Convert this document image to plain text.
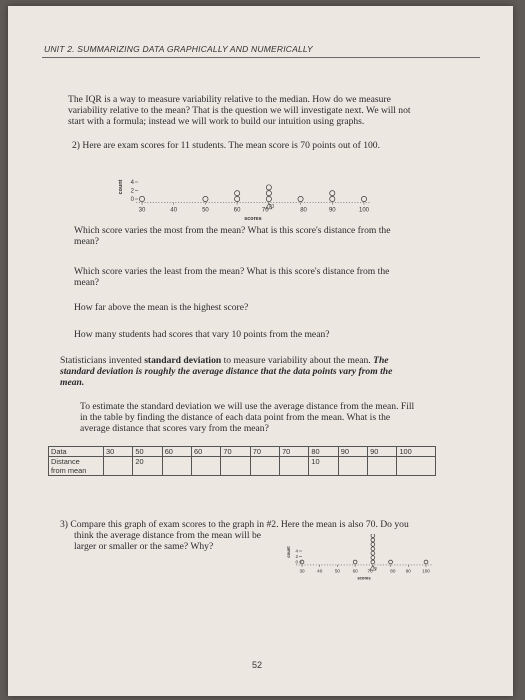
UNIT 2. SUMMARIZING DATA GRAPHICALLY AND NUMERICALLY
The IQR is a way to measure variability relative to the median. How do we measure
variability relative to the mean? That is the question we will investigate next. We will not
start with a formula; instead we will work to build our intuition using graphs.
2) Here are exam scores for 11 students. The mean score is 70 points out of 100.
count
0
2
4
30	40	50	60	70	80	90	100
70
scores
Which score varies the most from the mean? What is this score's distance from the
mean?
Which score varies the least from the mean? What is this score's distance from the
mean?
How far above the mean is the highest score?
How many students had scores that vary 10 points from the mean?
Statisticians invented standard deviation to measure variability about the mean. The
standard deviation is roughly the average distance that the data points vary from the
mean.
To estimate the standard deviation we will use the average distance from the mean. Fill
in the table by finding the distance of each data point from the mean. What is the
average distance that scores vary from the mean?
Data	30	50	60	60	70	70	70	80	90	90	100
Distance
from mean		20						10			
3) Compare this graph of exam scores to the graph in #2. Here the mean is also 70. Do you
think the average distance from the mean will be
larger or smaller or the same? Why?	count
0
2
4
30	40	50	60 70	80 90 100
70
scores
52
